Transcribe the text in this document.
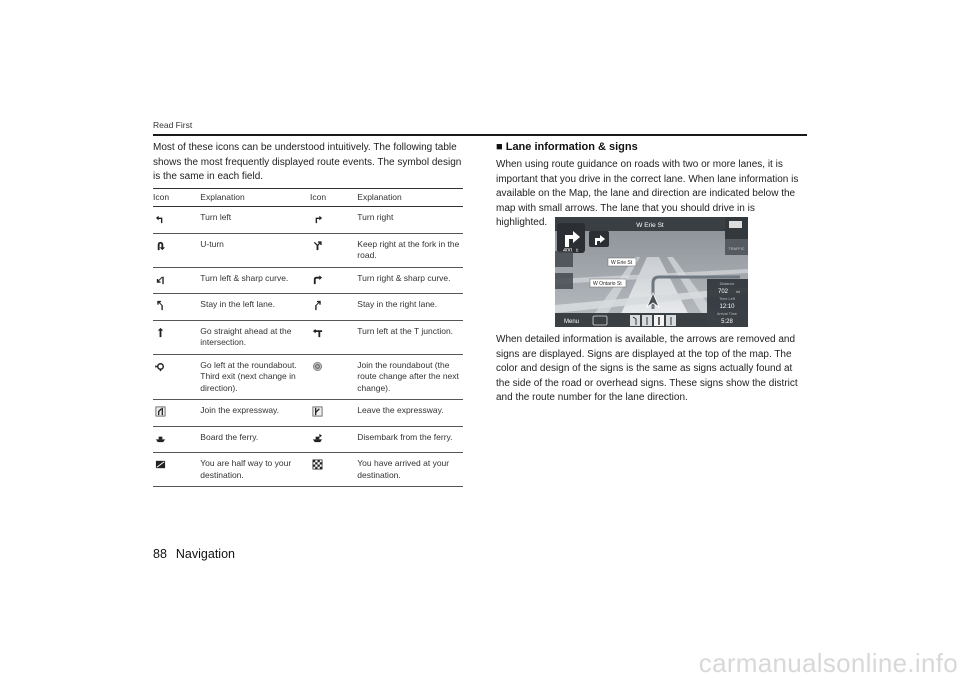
Read First

Most of these icons can be understood intuitively. The following table shows the most frequently displayed route events. The symbol design is the same in each field.

Icon	Explanation	Icon	Explanation

	Turn left		Turn right

	U-turn		Keep right at the fork in the road.

	Turn left & sharp curve.		Turn right & sharp curve.

	Stay in the left lane.		Stay in the right lane.

	Go straight ahead at the intersection.		Turn left at the T junction.

	Go left at the roundabout. Third exit (next change in direction).		Join the roundabout (the route change after the next change).

	Join the expressway.		Leave the expressway.

	Board the ferry.		Disembark from the ferry.

	You are half way to your destination.		You have arrived at your destination.

■ Lane information & signs

When using route guidance on roads with two or more lanes, it is important that you drive in the correct lane. When lane information is available on the Map, the lane and direction are indicated below the map with small arrows. The lane that you should drive in is highlighted.	W Erie St
ft
W Erie St
W Ontario St
TRAFFIC
Distance
702 mi
Time Left
12:10
Arrival Time
5:28
Menu

When detailed information is available, the arrows are removed and signs are displayed. Signs are displayed at the top of the map. The color and design of the signs is the same as signs actually found at the side of the road or overhead signs. These signs show the district and the route number for the lane direction.

88 Navigation
carmanualsonline.info
